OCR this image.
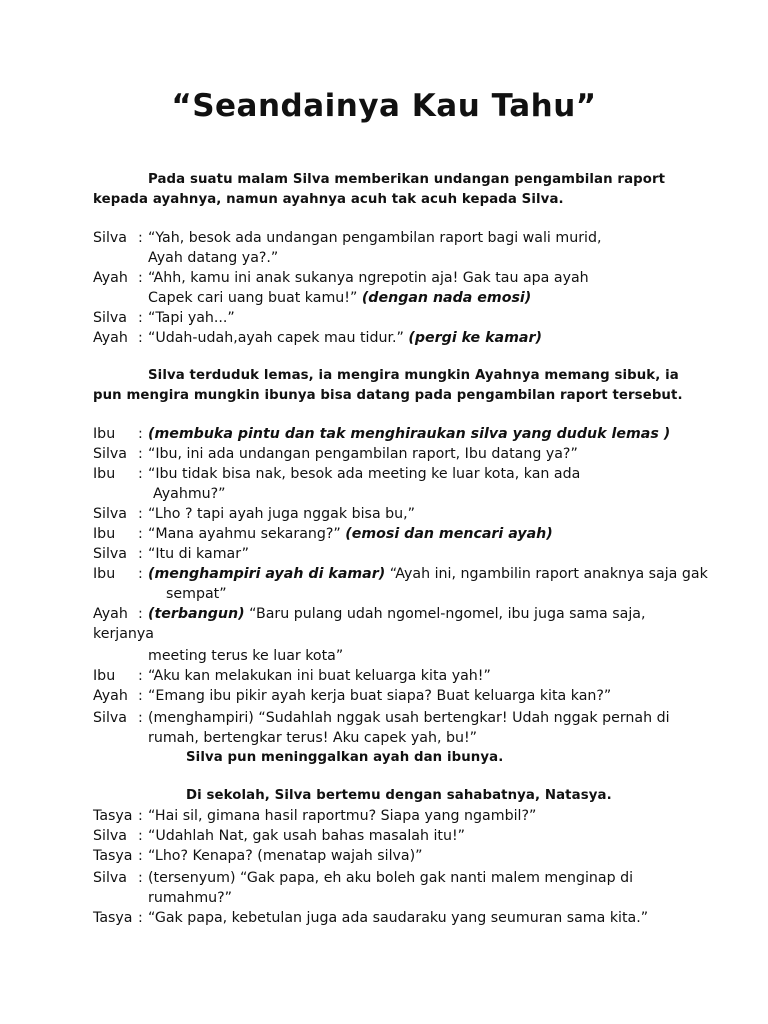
“Seandainya Kau Tahu”
Pada suatu malam Silva memberikan undangan pengambilan raport
kepada ayahnya, namun ayahnya acuh tak acuh kepada Silva.
Silva : “Yah, besok ada undangan pengambilan raport bagi wali murid,
Ayah datang ya?.”
Ayah : “Ahh, kamu ini anak sukanya ngrepotin aja! Gak tau apa ayah
Capek cari uang buat kamu!” (dengan nada emosi)
Silva : “Tapi yah...”
Ayah : “Udah-udah,ayah capek mau tidur.” (pergi ke kamar)
Silva terduduk lemas, ia mengira mungkin Ayahnya memang sibuk, ia
pun mengira mungkin ibunya bisa datang pada pengambilan raport tersebut.
Ibu : (membuka pintu dan tak menghiraukan silva yang duduk lemas )
Silva : “Ibu, ini ada undangan pengambilan raport, Ibu datang ya?”
Ibu : “Ibu tidak bisa nak, besok ada meeting ke luar kota, kan ada
Ayahmu?”
Silva : “Lho ? tapi ayah juga nggak bisa bu,”
Ibu : “Mana ayahmu sekarang?” (emosi dan mencari ayah)
Silva : “Itu di kamar”
Ibu : (menghampiri ayah di kamar) “Ayah ini, ngambilin raport anaknya saja gak
sempat”
Ayah : (terbangun) “Baru pulang udah ngomel-ngomel, ibu juga sama saja,
kerjanya
meeting terus ke luar kota”
Ibu : “Aku kan melakukan ini buat keluarga kita yah!”
Ayah : “Emang ibu pikir ayah kerja buat siapa? Buat keluarga kita kan?”
Silva : (menghampiri) “Sudahlah nggak usah bertengkar! Udah nggak pernah di
rumah, bertengkar terus! Aku capek yah, bu!”
Silva pun meninggalkan ayah dan ibunya.
Di sekolah, Silva bertemu dengan sahabatnya, Natasya.
Tasya : “Hai sil, gimana hasil raportmu? Siapa yang ngambil?”
Silva : “Udahlah Nat, gak usah bahas masalah itu!”
Tasya : “Lho? Kenapa? (menatap wajah silva)”
Silva : (tersenyum) “Gak papa, eh aku boleh gak nanti malem menginap di
rumahmu?”
Tasya : “Gak papa, kebetulan juga ada saudaraku yang seumuran sama kita.”
